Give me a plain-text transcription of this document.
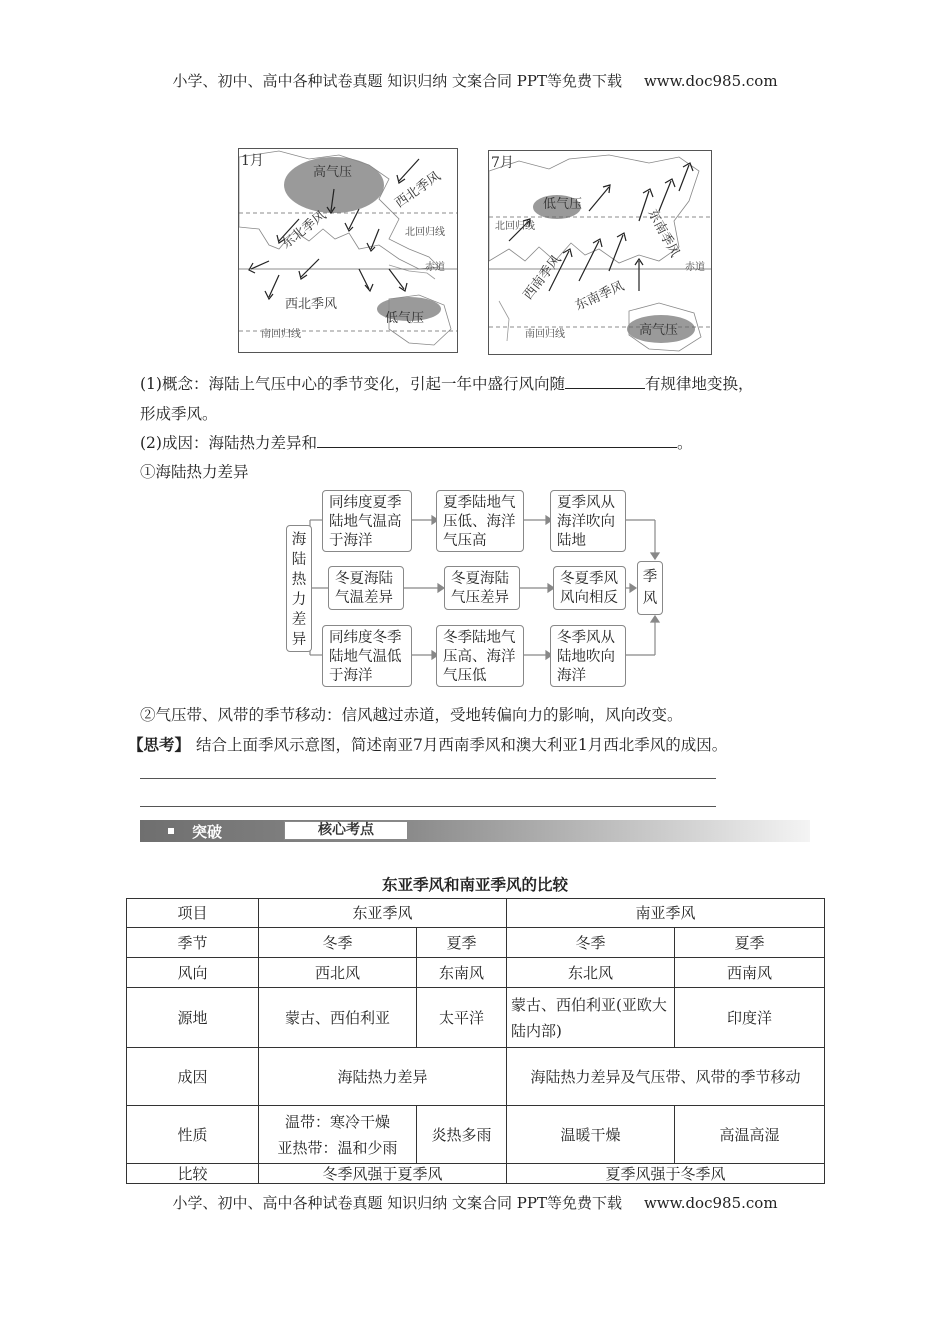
小学、初中、高中各种试卷真题 知识归纳 文案合同 PPT等免费下载 www.doc985.com
1月
高气压	西北季风
东北季风	北回归线
赤道
西北季风
低气压
南回归线
7月
低气压
北回归线	东南季风
赤道
西南季风 东南季风
高气压
南回归线
(1)概念：海陆上气压中心的季节变化，引起一年中盛行风向随	有规律地变换，
形成季风。
(2)成因：海陆热力差异和	。
①海陆热力差异
海陆热力差异
同纬度夏季陆地气温高于海洋
夏季陆地气压低、海洋气压高
夏季风从海洋吹向陆地
冬夏海陆气温差异
冬夏海陆气压差异
冬夏季风风向相反
同纬度冬季陆地气温低于海洋
冬季陆地气压高、海洋气压低
冬季风从陆地吹向海洋
季风
②气压带、风带的季节移动：信风越过赤道，受地转偏向力的影响，风向改变。
【思考】 结合上面季风示意图，简述南亚7月西南季风和澳大利亚1月西北季风的成因。
突破	核心考点
东亚季风和南亚季风的比较
项目	东亚季风		南亚季风	
季节	冬季	夏季	冬季	夏季
风向	西北风	东南风	东北风	西南风
源地	蒙古、西伯利亚	太平洋	蒙古、西伯利亚(亚欧大陆内部)	印度洋
成因	海陆热力差异		海陆热力差异及气压带、风带的季节移动	
性质	温带：寒冷干燥
亚热带：温和少雨	炎热多雨	温暖干燥	高温高湿
比较	冬季风强于夏季风		夏季风强于冬季风	
小学、初中、高中各种试卷真题 知识归纳 文案合同 PPT等免费下载 www.doc985.com
